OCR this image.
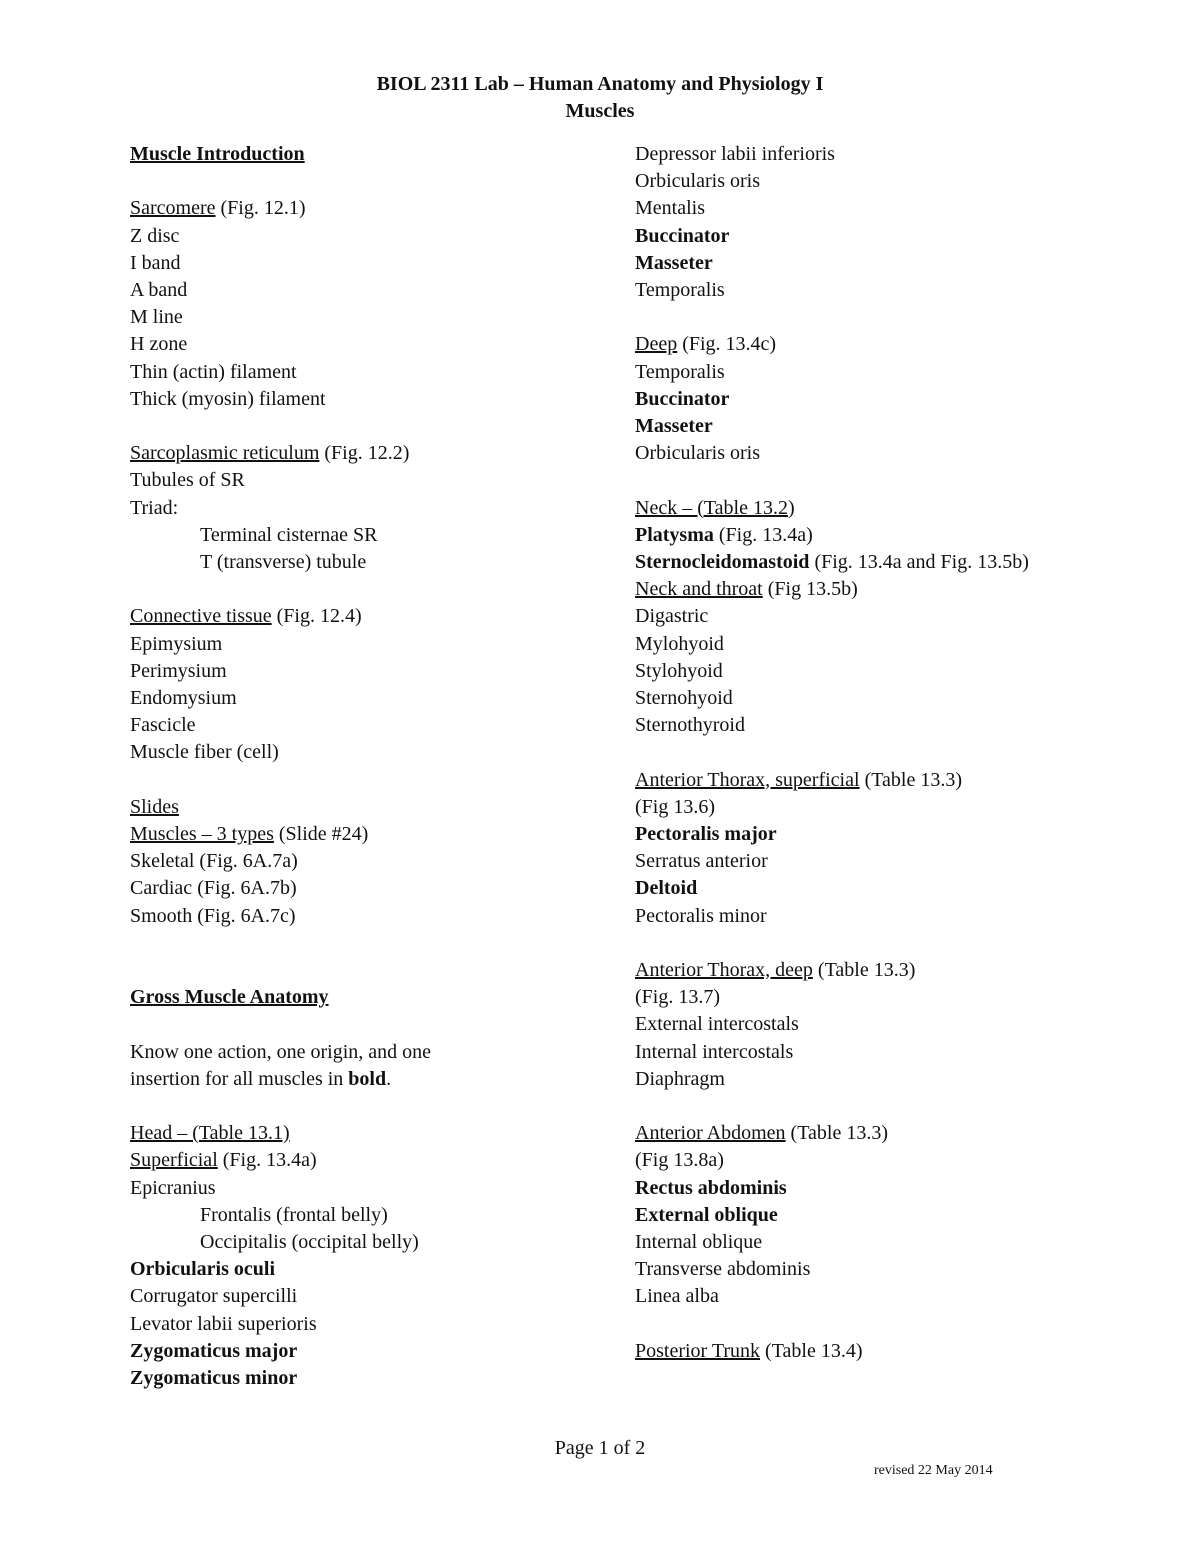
BIOL 2311 Lab – Human Anatomy and Physiology I
Muscles
Muscle Introduction
Sarcomere (Fig. 12.1)
Z disc
I band
A band
M line
H zone
Thin (actin) filament
Thick (myosin) filament
Sarcoplasmic reticulum (Fig. 12.2)
Tubules of SR
Triad:
Terminal cisternae SR
T (transverse) tubule
Connective tissue (Fig. 12.4)
Epimysium
Perimysium
Endomysium
Fascicle
Muscle fiber (cell)
Slides
Muscles – 3 types (Slide #24)
Skeletal (Fig. 6A.7a)
Cardiac (Fig. 6A.7b)
Smooth (Fig. 6A.7c)
Gross Muscle Anatomy
Know one action, one origin, and one
insertion for all muscles in bold.
Head – (Table 13.1)
Superficial (Fig. 13.4a)
Epicranius
Frontalis (frontal belly)
Occipitalis (occipital belly)
Orbicularis oculi
Corrugator supercilli
Levator labii superioris
Zygomaticus major
Zygomaticus minor
Depressor labii inferioris
Orbicularis oris
Mentalis
Buccinator
Masseter
Temporalis
Deep (Fig. 13.4c)
Temporalis
Buccinator
Masseter
Orbicularis oris
Neck – (Table 13.2)
Platysma (Fig. 13.4a)
Sternocleidomastoid (Fig. 13.4a and Fig. 13.5b)
Neck and throat (Fig 13.5b)
Digastric
Mylohyoid
Stylohyoid
Sternohyoid
Sternothyroid
Anterior Thorax, superficial (Table 13.3)
(Fig 13.6)
Pectoralis major
Serratus anterior
Deltoid
Pectoralis minor
Anterior Thorax, deep (Table 13.3)
(Fig. 13.7)
External intercostals
Internal intercostals
Diaphragm
Anterior Abdomen (Table 13.3)
(Fig 13.8a)
Rectus abdominis
External oblique
Internal oblique
Transverse abdominis
Linea alba
Posterior Trunk (Table 13.4)
Page 1 of 2
revised 22 May 2014
